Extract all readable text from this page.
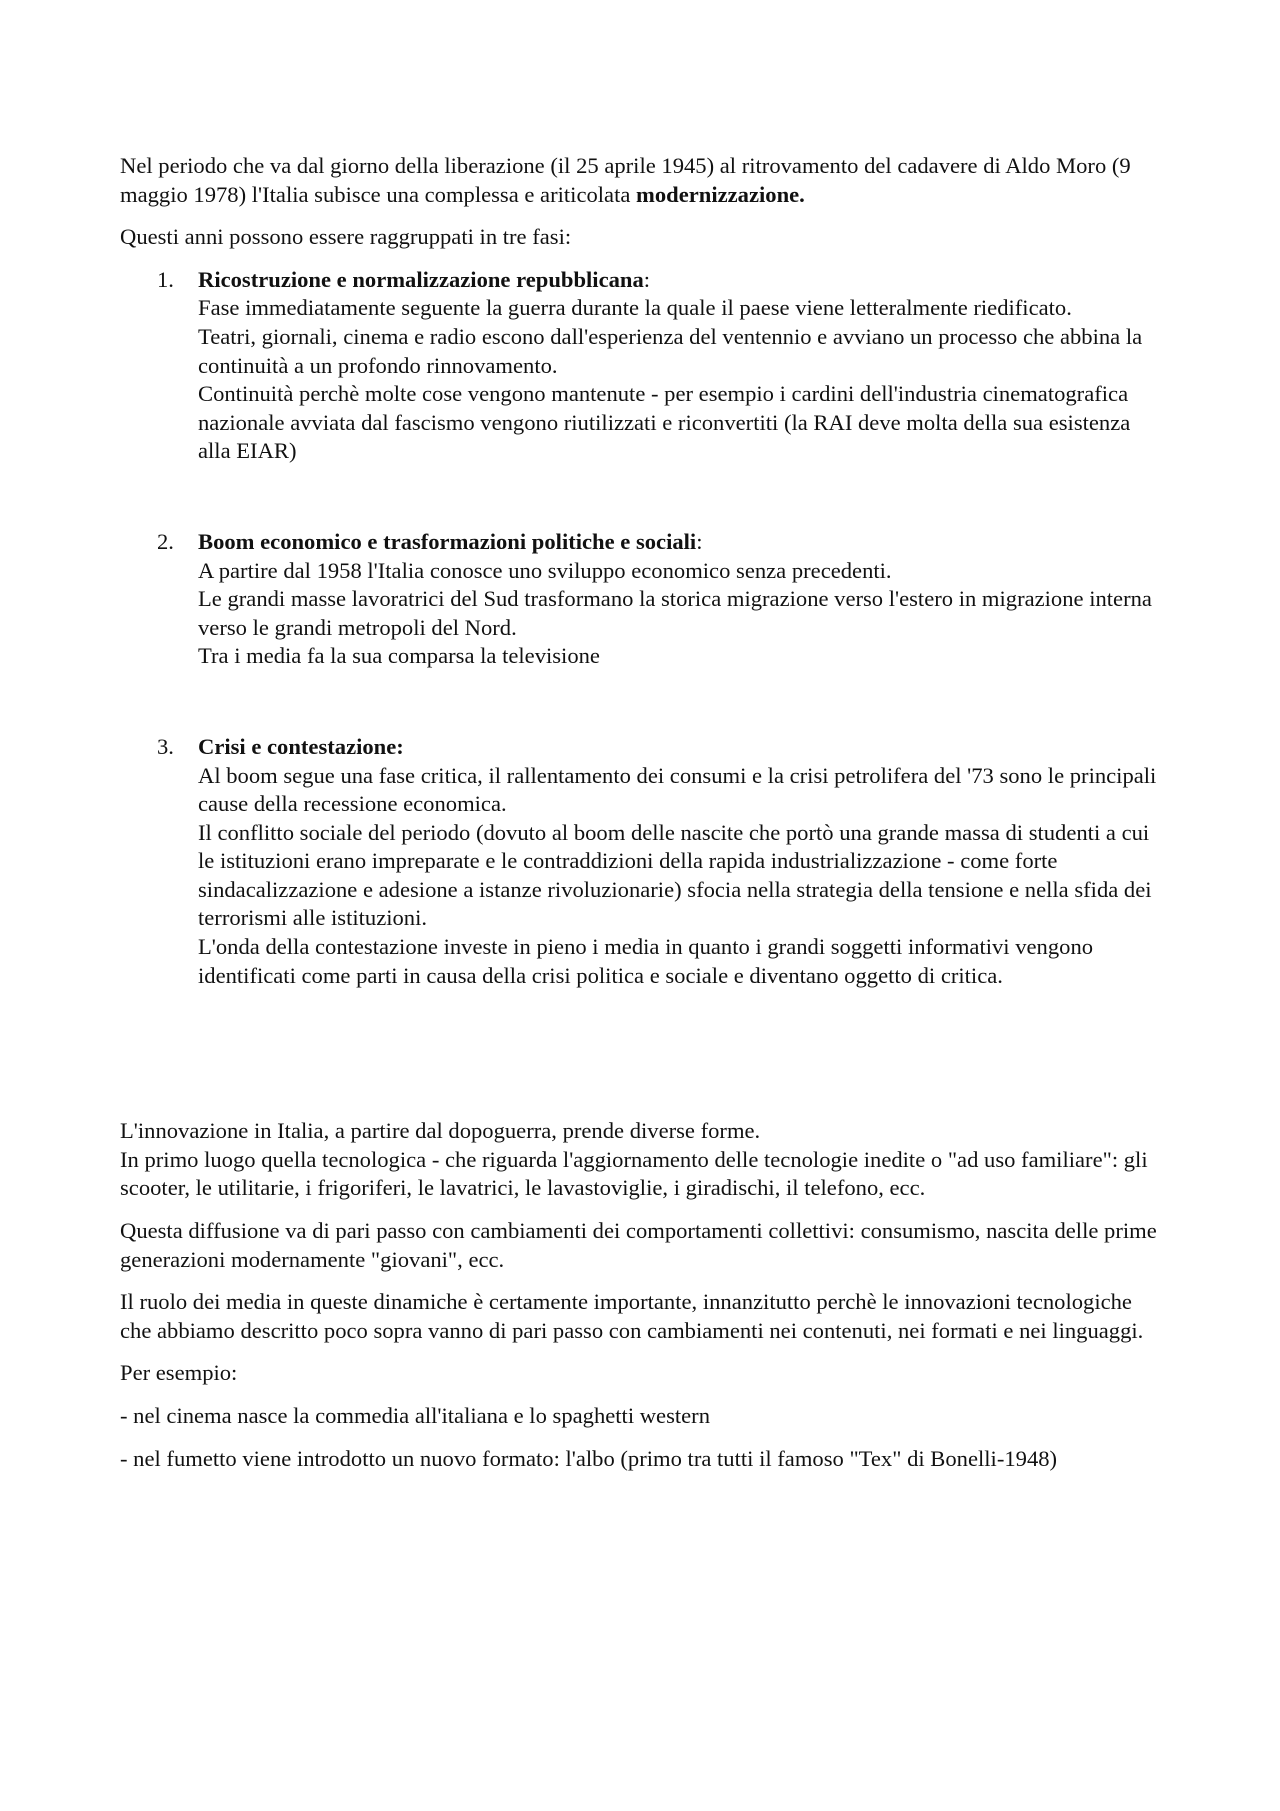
Nel periodo che va dal giorno della liberazione (il 25 aprile 1945) al ritrovamento del cadavere di Aldo Moro (9 maggio 1978) l'Italia subisce una complessa e ariticolata modernizzazione.

Questi anni possono essere raggruppati in tre fasi:

1. Ricostruzione e normalizzazione repubblicana:
Fase immediatamente seguente la guerra durante la quale il paese viene letteralmente riedificato.
Teatri, giornali, cinema e radio escono dall'esperienza del ventennio e avviano un processo che abbina la continuità a un profondo rinnovamento.
Continuità perchè molte cose vengono mantenute - per esempio i cardini dell'industria cinematografica nazionale avviata dal fascismo vengono riutilizzati e riconvertiti (la RAI deve molta della sua esistenza alla EIAR)
2. Boom economico e trasformazioni politiche e sociali:
A partire dal 1958 l'Italia conosce uno sviluppo economico senza precedenti.
Le grandi masse lavoratrici del Sud trasformano la storica migrazione verso l'estero in migrazione interna verso le grandi metropoli del Nord.
Tra i media fa la sua comparsa la televisione
3. Crisi e contestazione:
Al boom segue una fase critica, il rallentamento dei consumi e la crisi petrolifera del '73 sono le principali cause della recessione economica.
Il conflitto sociale del periodo (dovuto al boom delle nascite che portò una grande massa di studenti a cui le istituzioni erano impreparate e le contraddizioni della rapida industrializzazione - come forte sindacalizzazione e adesione a istanze rivoluzionarie) sfocia nella strategia della tensione e nella sfida dei terrorismi alle istituzioni.
L'onda della contestazione investe in pieno i media in quanto i grandi soggetti informativi vengono identificati come parti in causa della crisi politica e sociale e diventano oggetto di critica.

L'innovazione in Italia, a partire dal dopoguerra, prende diverse forme.
In primo luogo quella tecnologica - che riguarda l'aggiornamento delle tecnologie inedite o "ad uso familiare": gli scooter, le utilitarie, i frigoriferi, le lavatrici, le lavastoviglie, i giradischi, il telefono, ecc.

Questa diffusione va di pari passo con cambiamenti dei comportamenti collettivi: consumismo, nascita delle prime generazioni modernamente "giovani", ecc.

Il ruolo dei media in queste dinamiche è certamente importante, innanzitutto perchè le innovazioni tecnologiche che abbiamo descritto poco sopra vanno di pari passo con cambiamenti nei contenuti, nei formati e nei linguaggi.

Per esempio:

- nel cinema nasce la commedia all'italiana e lo spaghetti western

- nel fumetto viene introdotto un nuovo formato: l'albo (primo tra tutti il famoso "Tex" di Bonelli-1948)
